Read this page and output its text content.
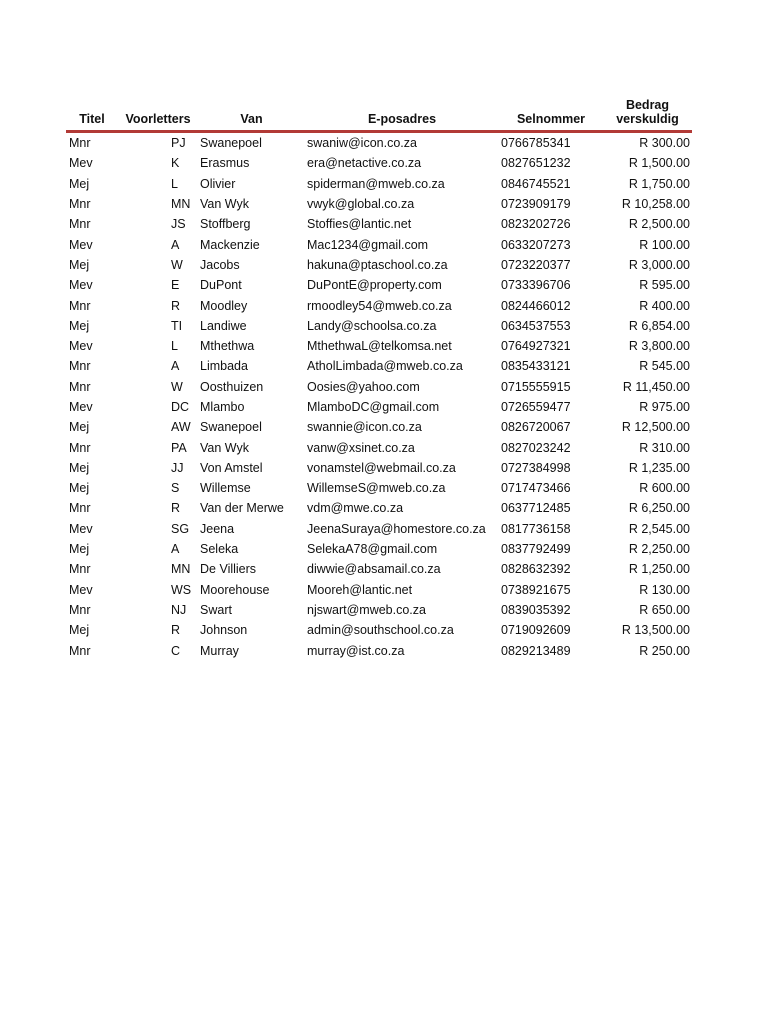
Titel	Voorletters	Van	E-posadres	Selnommer	Bedrag
verskuldig
Mnr	PJ	Swanepoel	swaniw@icon.co.za	0766785341	R 300.00
Mev	K	Erasmus	era@netactive.co.za	0827651232	R 1,500.00
Mej	L	Olivier	spiderman@mweb.co.za	0846745521	R 1,750.00
Mnr	MN	Van Wyk	vwyk@global.co.za	0723909179	R 10,258.00
Mnr	JS	Stoffberg	Stoffies@lantic.net	0823202726	R 2,500.00
Mev	A	Mackenzie	Mac1234@gmail.com	0633207273	R 100.00
Mej	W	Jacobs	hakuna@ptaschool.co.za	0723220377	R 3,000.00
Mev	E	DuPont	DuPontE@property.com	0733396706	R 595.00
Mnr	R	Moodley	rmoodley54@mweb.co.za	0824466012	R 400.00
Mej	TI	Landiwe	Landy@schoolsa.co.za	0634537553	R 6,854.00
Mev	L	Mthethwa	MthethwaL@telkomsa.net	0764927321	R 3,800.00
Mnr	A	Limbada	AtholLimbada@mweb.co.za	0835433121	R 545.00
Mnr	W	Oosthuizen	Oosies@yahoo.com	0715555915	R 11,450.00
Mev	DC	Mlambo	MlamboDC@gmail.com	0726559477	R 975.00
Mej	AW	Swanepoel	swannie@icon.co.za	0826720067	R 12,500.00
Mnr	PA	Van Wyk	vanw@xsinet.co.za	0827023242	R 310.00
Mej	JJ	Von Amstel	vonamstel@webmail.co.za	0727384998	R 1,235.00
Mej	S	Willemse	WillemseS@mweb.co.za	0717473466	R 600.00
Mnr	R	Van der Merwe	vdm@mwe.co.za	0637712485	R 6,250.00
Mev	SG	Jeena	JeenaSuraya@homestore.co.za	0817736158	R 2,545.00
Mej	A	Seleka	SelekaA78@gmail.com	0837792499	R 2,250.00
Mnr	MN	De Villiers	diwwie@absamail.co.za	0828632392	R 1,250.00
Mev	WS	Moorehouse	Mooreh@lantic.net	0738921675	R 130.00
Mnr	NJ	Swart	njswart@mweb.co.za	0839035392	R 650.00
Mej	R	Johnson	admin@southschool.co.za	0719092609	R 13,500.00
Mnr	C	Murray	murray@ist.co.za	0829213489	R 250.00
